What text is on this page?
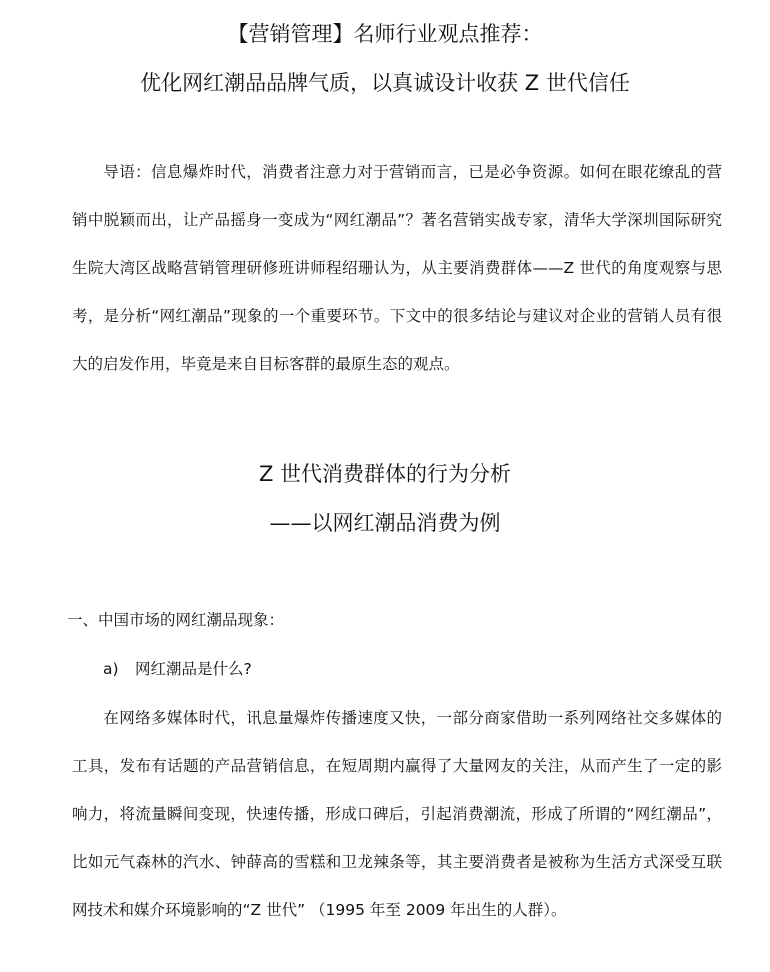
【营销管理】名师行业观点推荐：
优化网红潮品品牌气质，以真诚设计收获 Z 世代信任
导语：信息爆炸时代，消费者注意力对于营销而言，已是必争资源。如何在眼花缭乱的营销中脱颖而出，让产品摇身一变成为“网红潮品”？著名营销实战专家，清华大学深圳国际研究生院大湾区战略营销管理研修班讲师程绍珊认为，从主要消费群体——Z 世代的角度观察与思考，是分析“网红潮品”现象的一个重要环节。下文中的很多结论与建议对企业的营销人员有很大的启发作用，毕竟是来自目标客群的最原生态的观点。
Z 世代消费群体的行为分析
——以网红潮品消费为例
一、中国市场的网红潮品现象：
a) 网红潮品是什么?
在网络多媒体时代，讯息量爆炸传播速度又快，一部分商家借助一系列网络社交多媒体的工具，发布有话题的产品营销信息，在短周期内赢得了大量网友的关注，从而产生了一定的影响力，将流量瞬间变现，快速传播，形成口碑后，引起消费潮流，形成了所谓的“网红潮品”，比如元气森林的汽水、钟薛高的雪糕和卫龙辣条等，其主要消费者是被称为生活方式深受互联网技术和媒介环境影响的“Z 世代” （1995 年至 2009 年出生的人群）。
